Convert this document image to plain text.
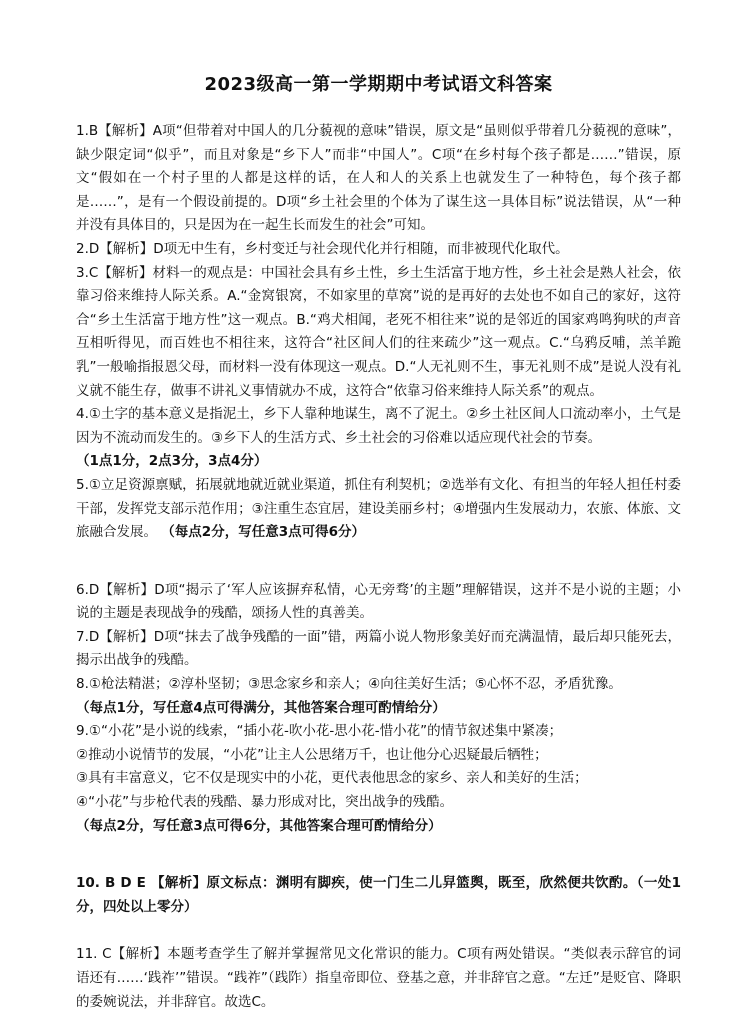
2023级高一第一学期期中考试语文科答案

1.B【解析】A项“但带着对中国人的几分藐视的意味”错误，原文是“虽则似乎带着几分藐视的意味”，缺少限定词“似乎”，而且对象是“乡下人”而非“中国人”。C项“在乡村每个孩子都是……”错误，原文“假如在一个村子里的人都是这样的话，在人和人的关系上也就发生了一种特色，每个孩子都是……”，是有一个假设前提的。D项“乡土社会里的个体为了谋生这一具体目标”说法错误，从“一种并没有具体目的，只是因为在一起生长而发生的社会”可知。

2.D【解析】D项无中生有，乡村变迁与社会现代化并行相随，而非被现代化取代。

3.C【解析】材料一的观点是：中国社会具有乡土性，乡土生活富于地方性，乡土社会是熟人社会，依靠习俗来维持人际关系。A.“金窝银窝，不如家里的草窝”说的是再好的去处也不如自己的家好，这符合“乡土生活富于地方性”这一观点。B.“鸡犬相闻，老死不相往来”说的是邻近的国家鸡鸣狗吠的声音互相听得见，而百姓也不相往来，这符合“社区间人们的往来疏少”这一观点。C.“乌鸦反哺，羔羊跪乳”一般喻指报恩父母，而材料一没有体现这一观点。D.“人无礼则不生，事无礼则不成”是说人没有礼义就不能生存，做事不讲礼义事情就办不成，这符合“依靠习俗来维持人际关系”的观点。

4.①土字的基本意义是指泥土，乡下人靠种地谋生，离不了泥土。②乡土社区间人口流动率小，土气是因为不流动而发生的。③乡下人的生活方式、乡土社会的习俗难以适应现代社会的节奏。
（1点1分，2点3分，3点4分）

5.①立足资源禀赋，拓展就地就近就业渠道，抓住有利契机；②选举有文化、有担当的年轻人担任村委干部，发挥党支部示范作用；③注重生态宜居，建设美丽乡村；④增强内生发展动力，农旅、体旅、文旅融合发展。 （每点2分，写任意3点可得6分）

6.D【解析】D项“揭示了‘军人应该摒弃私情，心无旁骛’的主题”理解错误，这并不是小说的主题；小说的主题是表现战争的残酷，颂扬人性的真善美。

7.D【解析】D项“抹去了战争残酷的一面”错，两篇小说人物形象美好而充满温情，最后却只能死去，揭示出战争的残酷。

8.①枪法精湛；②淳朴坚韧；③思念家乡和亲人；④向往美好生活；⑤心怀不忍，矛盾犹豫。
（每点1分，写任意4点可得满分，其他答案合理可酌情给分）

9.①“小花”是小说的线索，“插小花-吹小花-思小花-惜小花”的情节叙述集中紧凑；
②推动小说情节的发展，“小花”让主人公思绪万千，也让他分心迟疑最后牺牲；
③具有丰富意义，它不仅是现实中的小花，更代表他思念的家乡、亲人和美好的生活；
④“小花”与步枪代表的残酷、暴力形成对比，突出战争的残酷。
（每点2分，写任意3点可得6分，其他答案合理可酌情给分）

10. B D E 【解析】原文标点：渊明有脚疾，使一门生二儿舁篮舆，既至，欣然便共饮酌。（一处1分，四处以上零分）

11. C【解析】本题考查学生了解并掌握常见文化常识的能力。C项有两处错误。“类似表示辞官的词语还有……‘践祚’”错误。“践祚”（践阼）指皇帝即位、登基之意，并非辞官之意。“左迁”是贬官、降职的委婉说法，并非辞官。故选C。
